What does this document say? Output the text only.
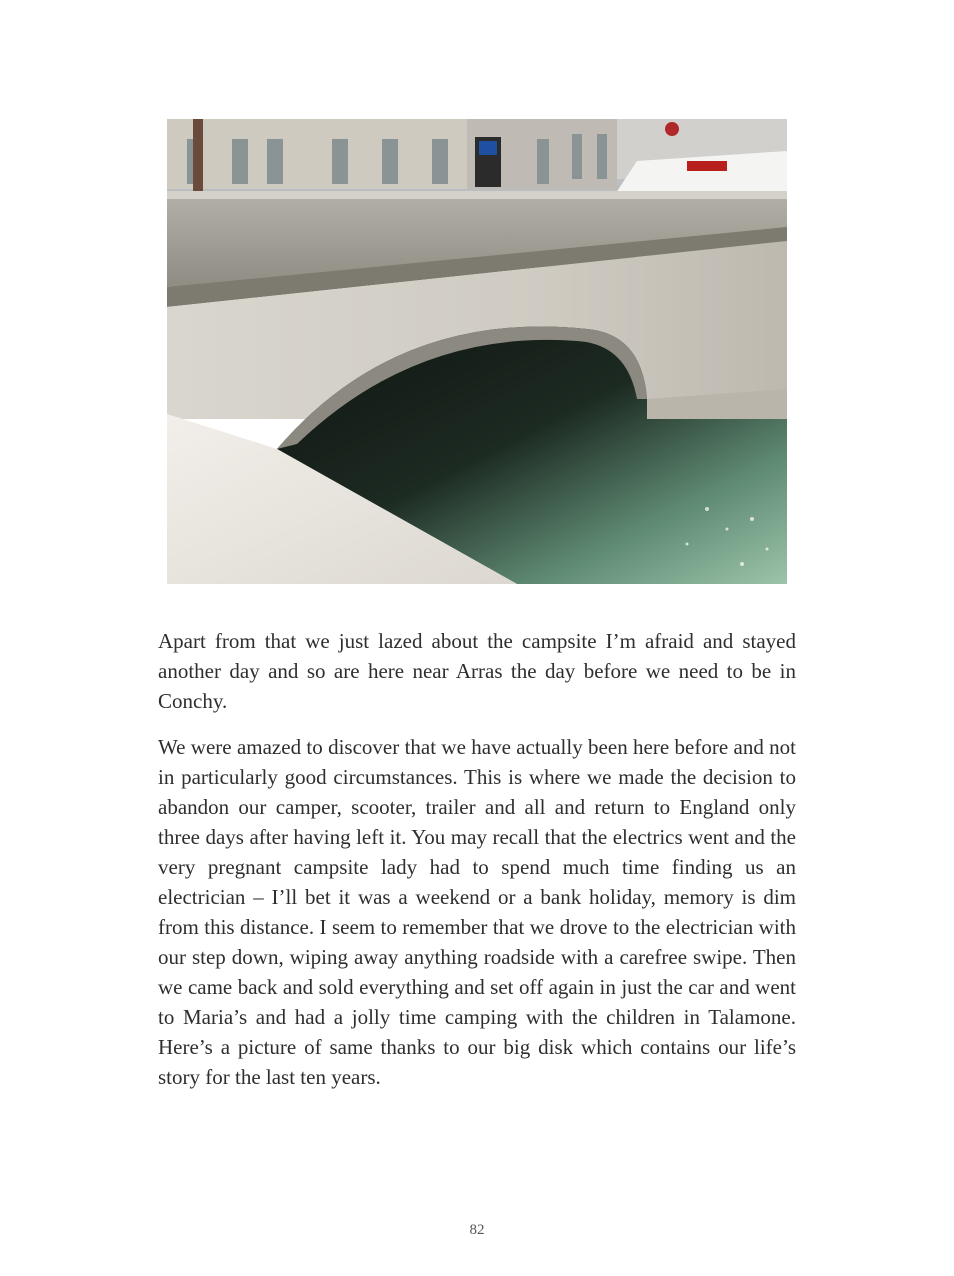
Apart from that we just lazed about the campsite I’m afraid and stayed another day and so are here near Arras the day before we need to be in Conchy.

We were amazed to discover that we have actually been here before and not in particularly good circumstances. This is where we made the decision to abandon our camper, scooter, trailer and all and return to England only three days after having left it. You may recall that the electrics went and the very pregnant campsite lady had to spend much time finding us an electrician – I’ll bet it was a weekend or a bank holiday, memory is dim from this distance. I seem to remember that we drove to the electrician with our step down, wiping away anything roadside with a carefree swipe. Then we came back and sold everything and set off again in just the car and went to Maria’s and had a jolly time camping with the children in Talamone. Here’s a picture of same thanks to our big disk which contains our life’s story for the last ten years.

82
